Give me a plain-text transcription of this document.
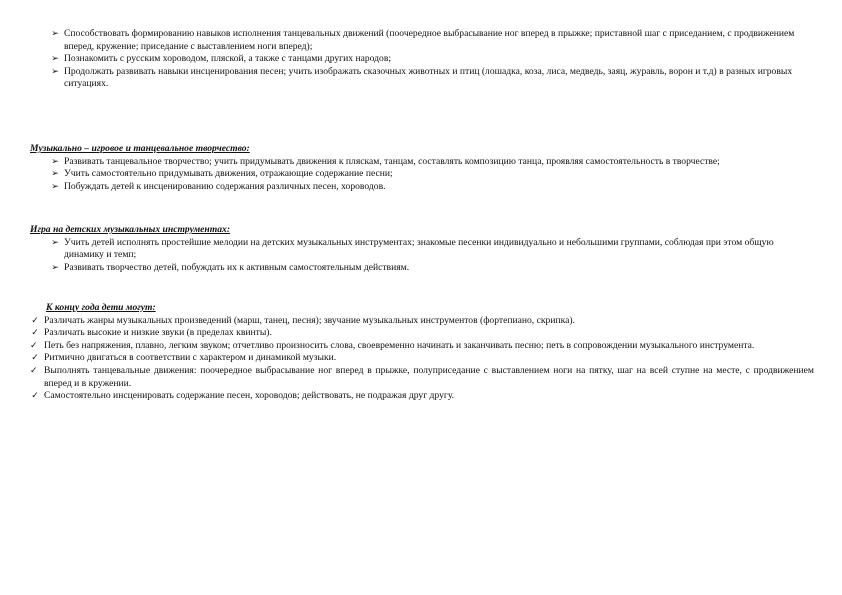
➢ Способствовать формированию навыков исполнения танцевальных движений (поочередное выбрасывание ног вперед в прыжке; приставной шаг с приседанием, с продвижением вперед, кружение; приседание с выставлением ноги вперед);
➢ Познакомить с русским хороводом, пляской, а также с танцами других народов;
➢ Продолжать развивать навыки инсценирования песен; учить изображать сказочных животных и птиц (лошадка, коза, лиса, медведь, заяц, журавль, ворон и т.д) в разных игровых ситуациях.
Музыкально – игровое и танцевальное творчество:
➢ Развивать танцевальное творчество; учить придумывать движения к пляскам, танцам, составлять композицию танца, проявляя самостоятельность в творчестве;
➢ Учить самостоятельно придумывать движения, отражающие содержание песни;
➢ Побуждать детей к инсценированию содержания различных песен, хороводов.
Игра на детских музыкальных инструментах:
➢ Учить детей исполнять простейшие мелодии на детских музыкальных инструментах; знакомые песенки индивидуально и небольшими группами, соблюдая при этом общую динамику и темп;
➢ Развивать творчество детей, побуждать их к активным самостоятельным действиям.
К концу года дети могут:
✓ Различать жанры музыкальных произведений (марш, танец, песня); звучание музыкальных инструментов (фортепиано, скрипка).
✓ Различать высокие и низкие звуки (в пределах квинты).
✓ Петь без напряжения, плавно, легким звуком; отчетливо произносить слова, своевременно начинать и заканчивать песню; петь в сопровождении музыкального инструмента.
✓ Ритмично двигаться в соответствии с характером и динамикой музыки.
✓ Выполнять танцевальные движения: поочередное выбрасывание ног вперед в прыжке, полуприседание с выставлением ноги на пятку, шаг на всей ступне на месте, с продвижением вперед и в кружении.
✓ Самостоятельно инсценировать содержание песен, хороводов; действовать, не подражая друг другу.
